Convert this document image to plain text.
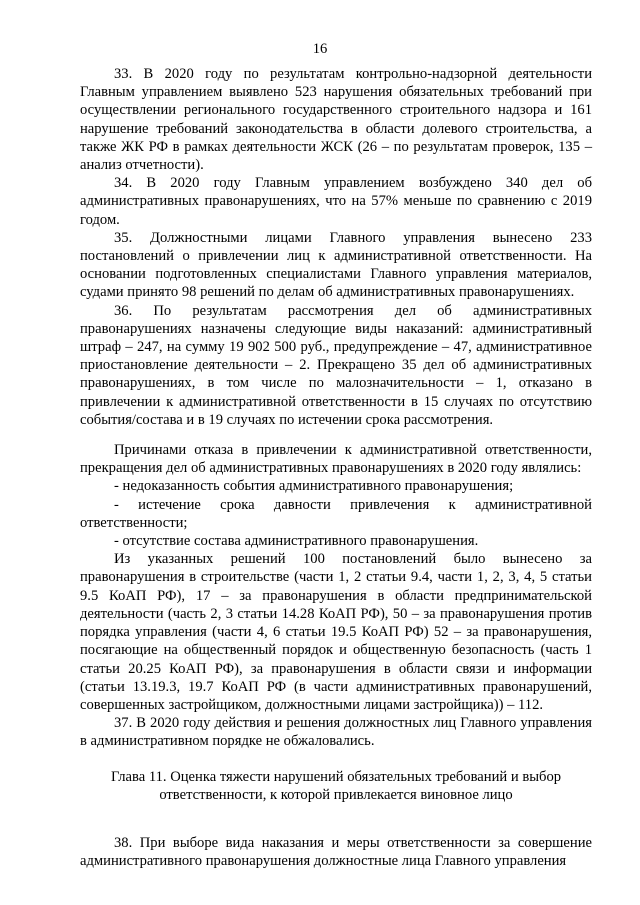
16

33. В 2020 году по результатам контрольно-надзорной деятельности Главным управлением выявлено 523 нарушения обязательных требований при осуществлении регионального государственного строительного надзора и 161 нарушение требований законодательства в области долевого строительства, а также ЖК РФ в рамках деятельности ЖСК (26 – по результатам проверок, 135 – анализ отчетности).

34. В 2020 году Главным управлением возбуждено 340 дел об административных правонарушениях, что на 57% меньше по сравнению с 2019 годом.

35. Должностными лицами Главного управления вынесено 233 постановлений о привлечении лиц к административной ответственности. На основании подготовленных специалистами Главного управления материалов, судами принято 98 решений по делам об административных правонарушениях.

36. По результатам рассмотрения дел об административных правонарушениях назначены следующие виды наказаний: административный штраф – 247, на сумму 19 902 500 руб., предупреждение – 47, административное приостановление деятельности – 2. Прекращено 35 дел об административных правонарушениях, в том числе по малозначительности – 1, отказано в привлечении к административной ответственности в 15 случаях по отсутствию события/состава и в 19 случаях по истечении срока рассмотрения.

Причинами отказа в привлечении к административной ответственности, прекращения дел об административных правонарушениях в 2020 году являлись:

- недоказанность события административного правонарушения;

- истечение срока давности привлечения к административной ответственности;

- отсутствие состава административного правонарушения.

Из указанных решений 100 постановлений было вынесено за правонарушения в строительстве (части 1, 2 статьи 9.4, части 1, 2, 3, 4, 5 статьи 9.5 КоАП РФ), 17 – за правонарушения в области предпринимательской деятельности (часть 2, 3 статьи 14.28 КоАП РФ), 50 – за правонарушения против порядка управления (части 4, 6 статьи 19.5 КоАП РФ) 52 – за правонарушения, посягающие на общественный порядок и общественную безопасность (часть 1 статьи 20.25 КоАП РФ), за правонарушения в области связи и информации (статьи 13.19.3, 19.7 КоАП РФ (в части административных правонарушений, совершенных застройщиком, должностными лицами застройщика)) – 112.

37. В 2020 году действия и решения должностных лиц Главного управления в административном порядке не обжаловались.

Глава 11. Оценка тяжести нарушений обязательных требований и выбор ответственности, к которой привлекается виновное лицо

38. При выборе вида наказания и меры ответственности за совершение административного правонарушения должностные лица Главного управления
